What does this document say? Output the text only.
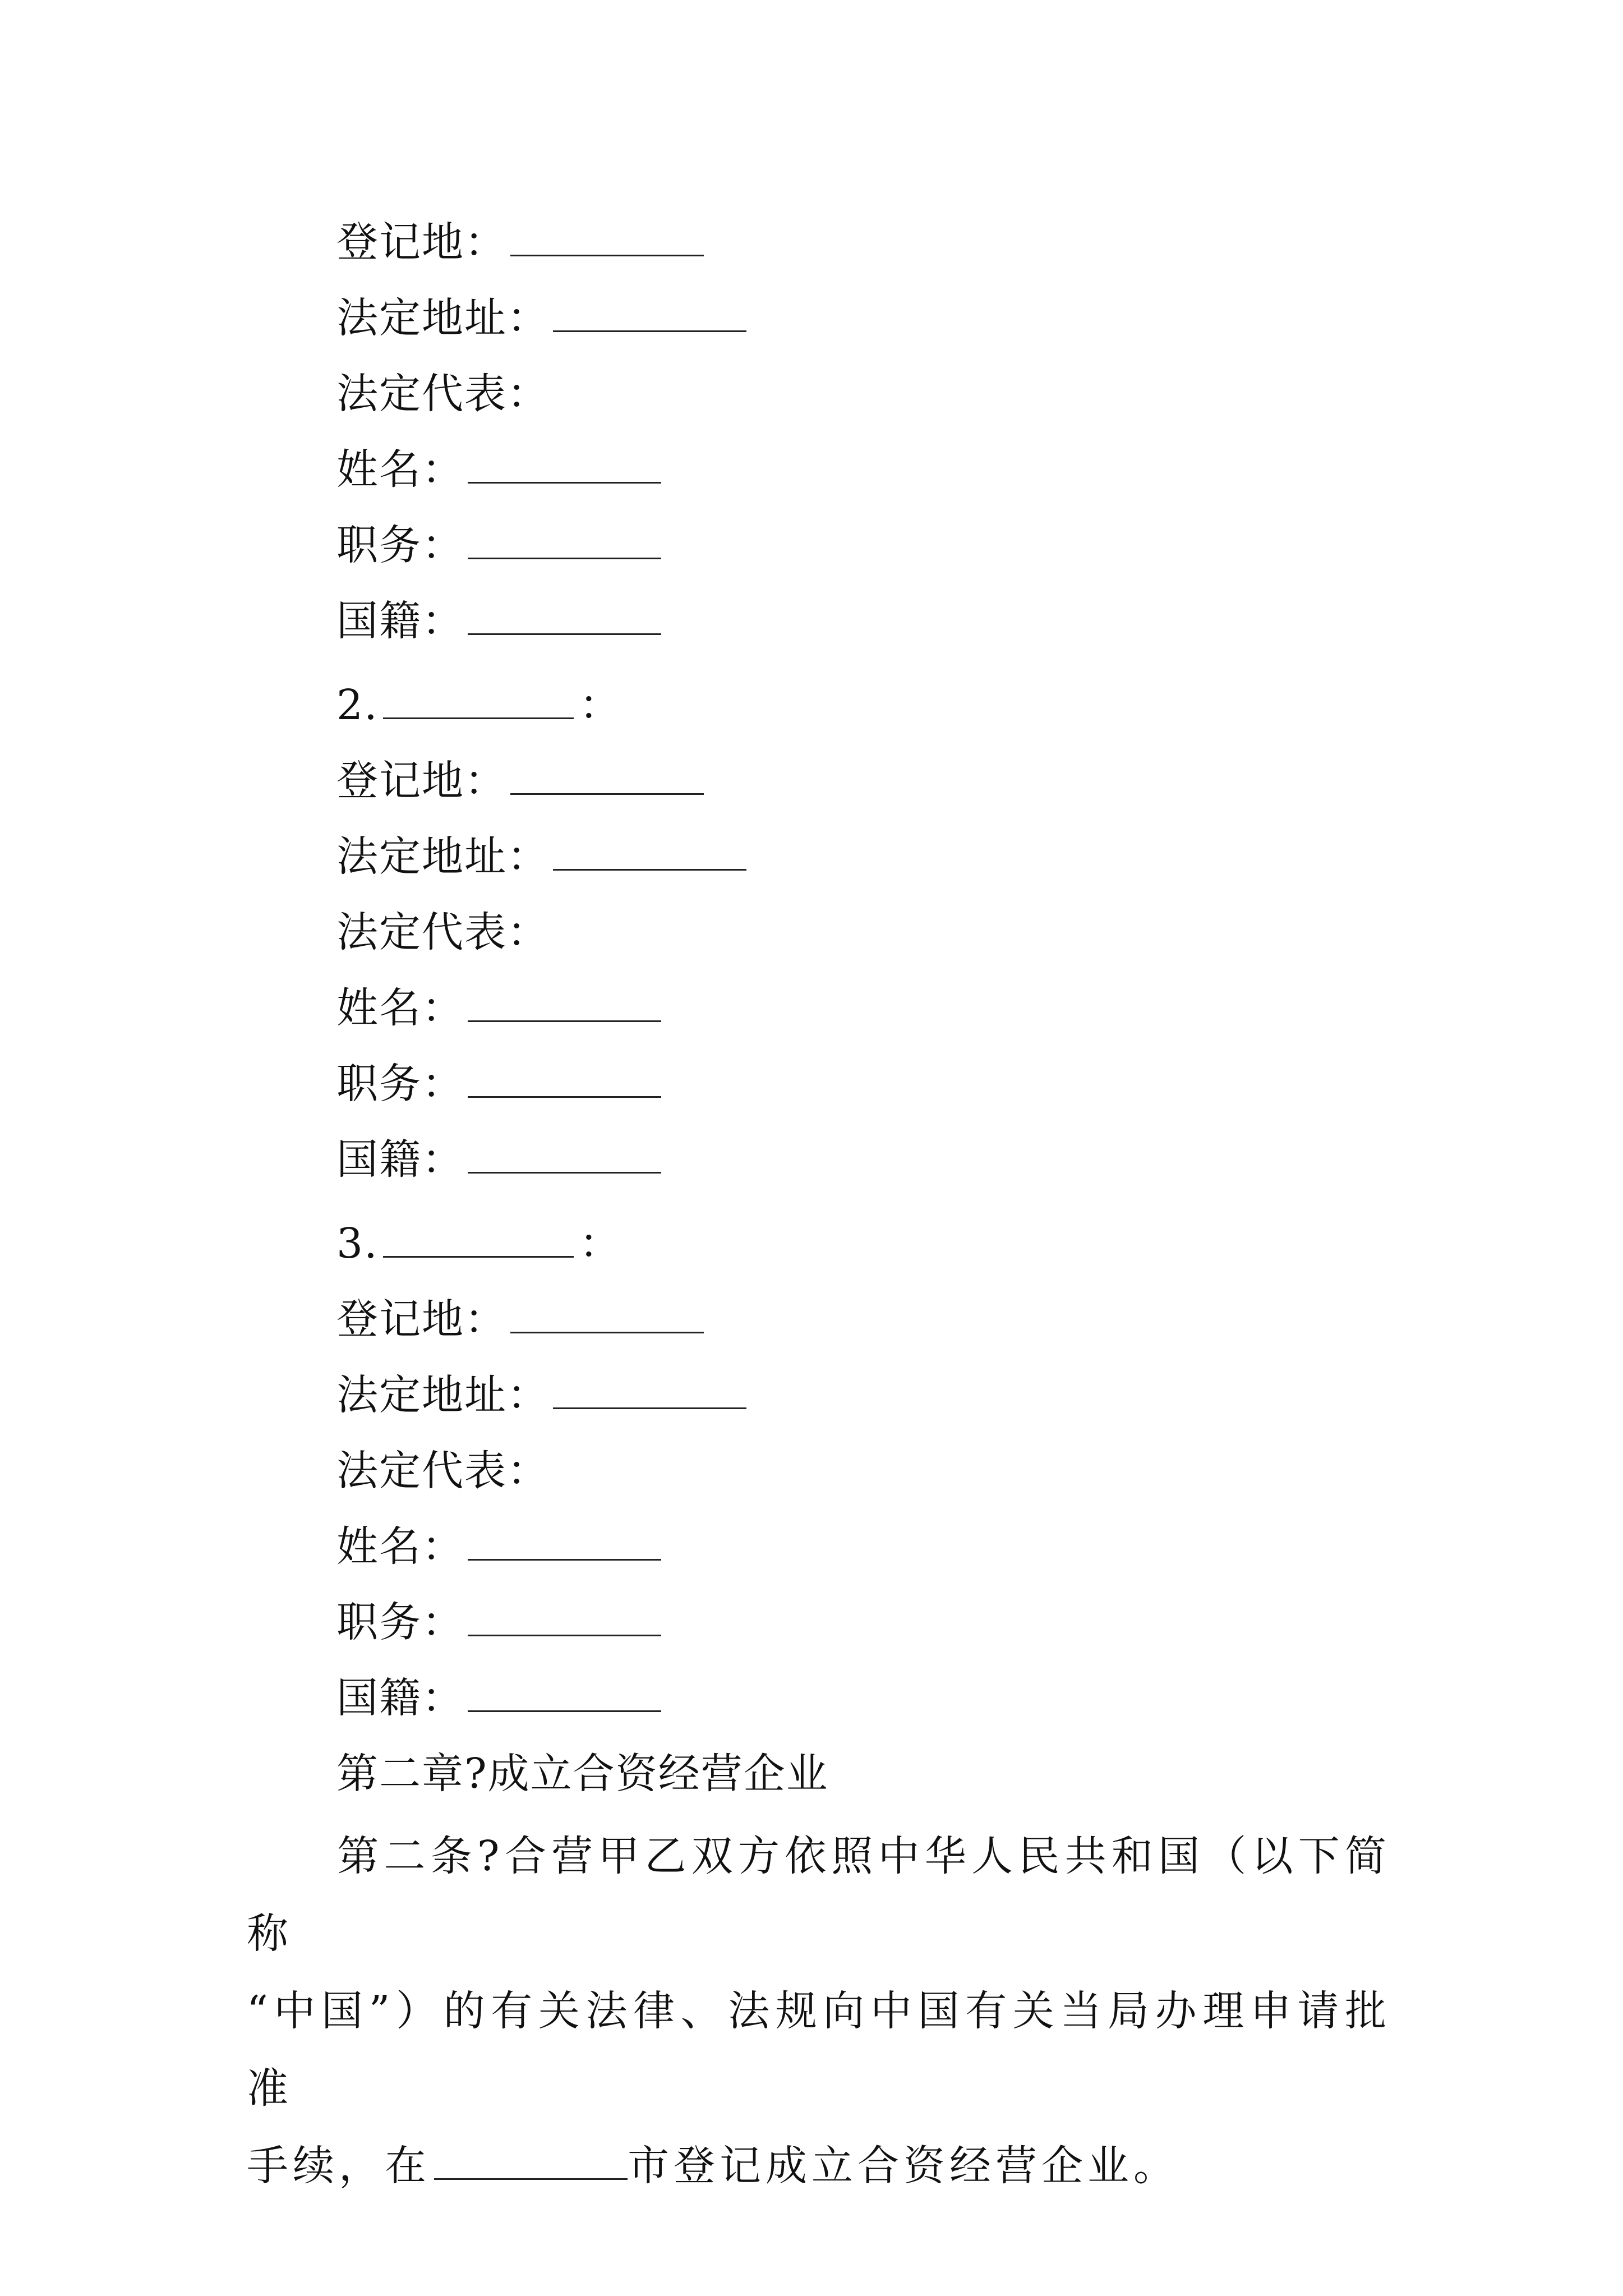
登记地：
法定地址：
法定代表：
姓名：
职务：
国籍：
2.	：
登记地：
法定地址：
法定代表：
姓名：
职务：
国籍：
3.	：
登记地：
法定地址：
法定代表：
姓名：
职务：
国籍：
第二章?成立合资经营企业
第二条?合营甲乙双方依照中华人民共和国（以下简称
“中国”）的有关法律、法规向中国有关当局办理申请批准
手续，在	市登记成立合资经营企业。
